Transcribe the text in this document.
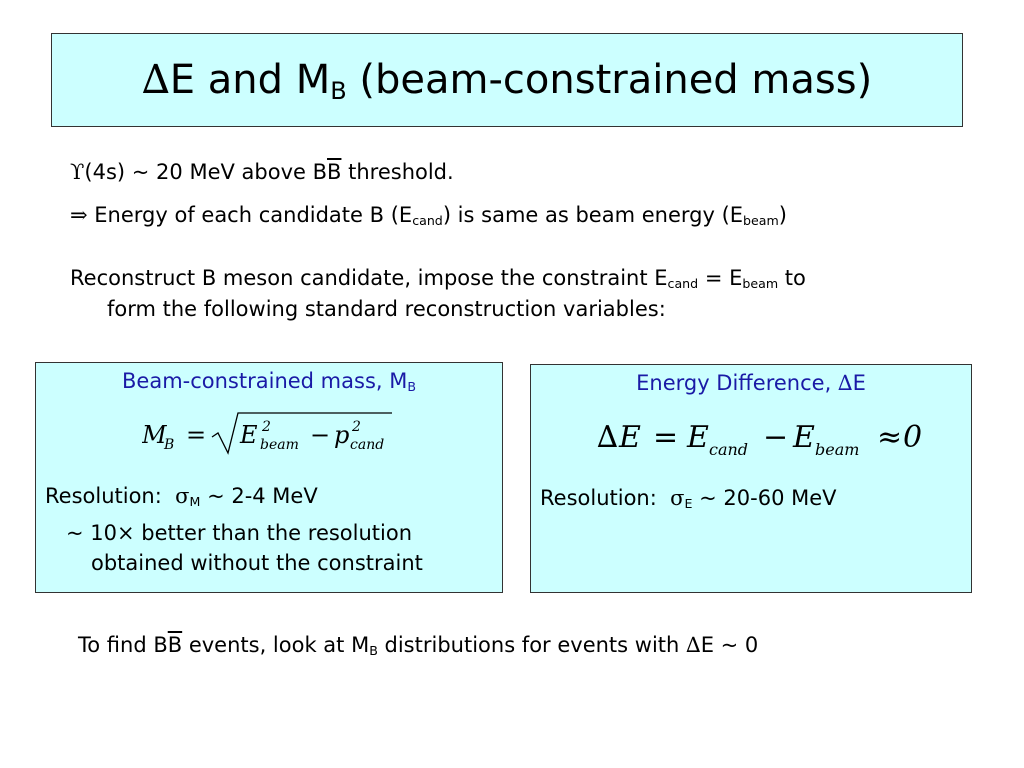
∆E and $M_B$ (beam-constrained mass)
ϒ(4s) ~ 20 MeV above $B\overline{B}$ threshold.
⇒ Energy of each candidate B $(E_{cand})$ is same as beam energy $(E_{beam})$
Reconstruct B meson candidate, impose the constraint $E_{cand} = E_{beam}$ to
form the following standard reconstruction variables:
Beam-constrained mass, $M_B$
M
B = E 2
beam − p 2
cand
Resolution: $\sigma_M$ ~ 2-4 MeV
~ 10× better than the resolution
obtained without the constraint
Energy Difference, ∆E
∆ E = E cand − E beam ≈ 0
Resolution: $\sigma_E$ ~ 20-60 MeV
To find $B\overline{B}$ events, look at $M_B$ distributions for events with ∆E ~ 0
